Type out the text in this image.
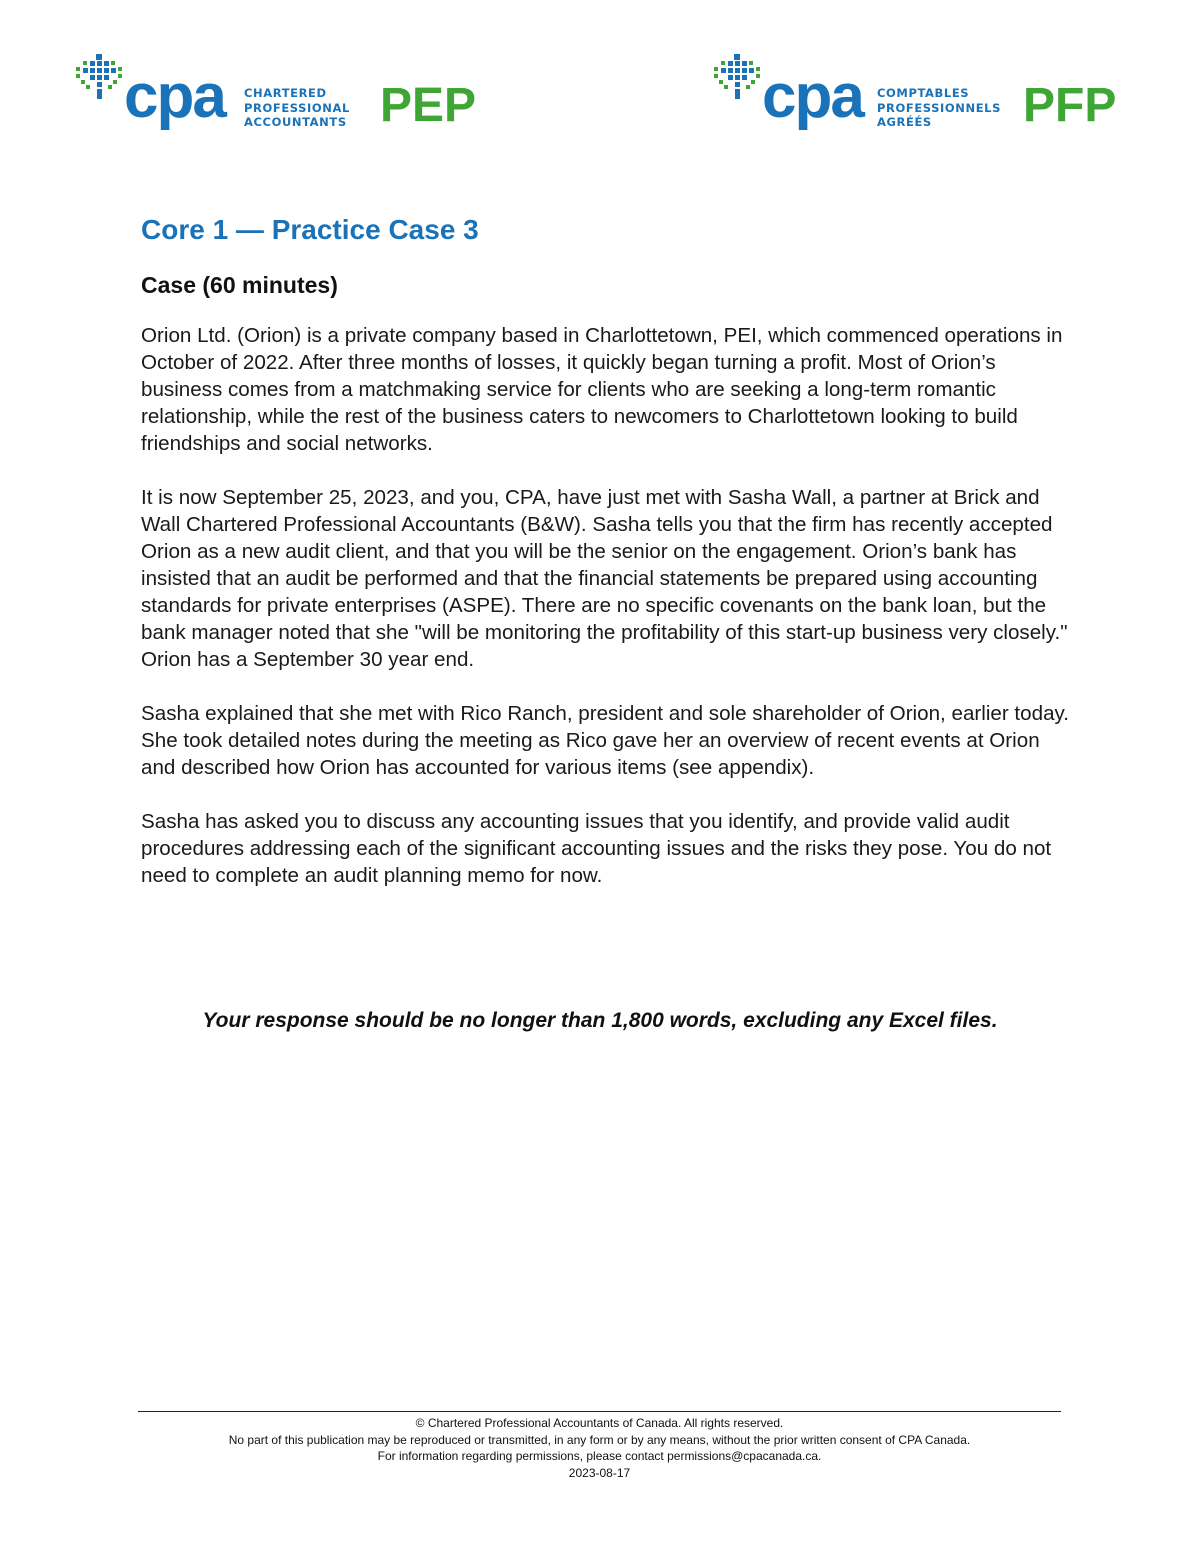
cpa CHARTERED
PROFESSIONAL
ACCOUNTANTS PEP	cpa COMPTABLES
PROFESSIONNELS
AGRÉÉS	PFP
Core 1 — Practice Case 3
Case (60 minutes)

Orion Ltd. (Orion) is a private company based in Charlottetown, PEI, which commenced operations in October of 2022. After three months of losses, it quickly began turning a profit. Most of Orion’s business comes from a matchmaking service for clients who are seeking a long-term romantic relationship, while the rest of the business caters to newcomers to Charlottetown looking to build friendships and social networks.

It is now September 25, 2023, and you, CPA, have just met with Sasha Wall, a partner at Brick and Wall Chartered Professional Accountants (B&W). Sasha tells you that the firm has recently accepted Orion as a new audit client, and that you will be the senior on the engagement. Orion’s bank has insisted that an audit be performed and that the financial statements be prepared using accounting standards for private enterprises (ASPE). There are no specific covenants on the bank loan, but the bank manager noted that she "will be monitoring the profitability of this start-up business very closely." Orion has a September 30 year end.

Sasha explained that she met with Rico Ranch, president and sole shareholder of Orion, earlier today. She took detailed notes during the meeting as Rico gave her an overview of recent events at Orion and described how Orion has accounted for various items (see appendix).

Sasha has asked you to discuss any accounting issues that you identify, and provide valid audit procedures addressing each of the significant accounting issues and the risks they pose. You do not need to complete an audit planning memo for now.

Your response should be no longer than 1,800 words, excluding any Excel files.
© Chartered Professional Accountants of Canada. All rights reserved.
No part of this publication may be reproduced or transmitted, in any form or by any means, without the prior written consent of CPA Canada.
For information regarding permissions, please contact permissions@cpacanada.ca.
2023-08-17
